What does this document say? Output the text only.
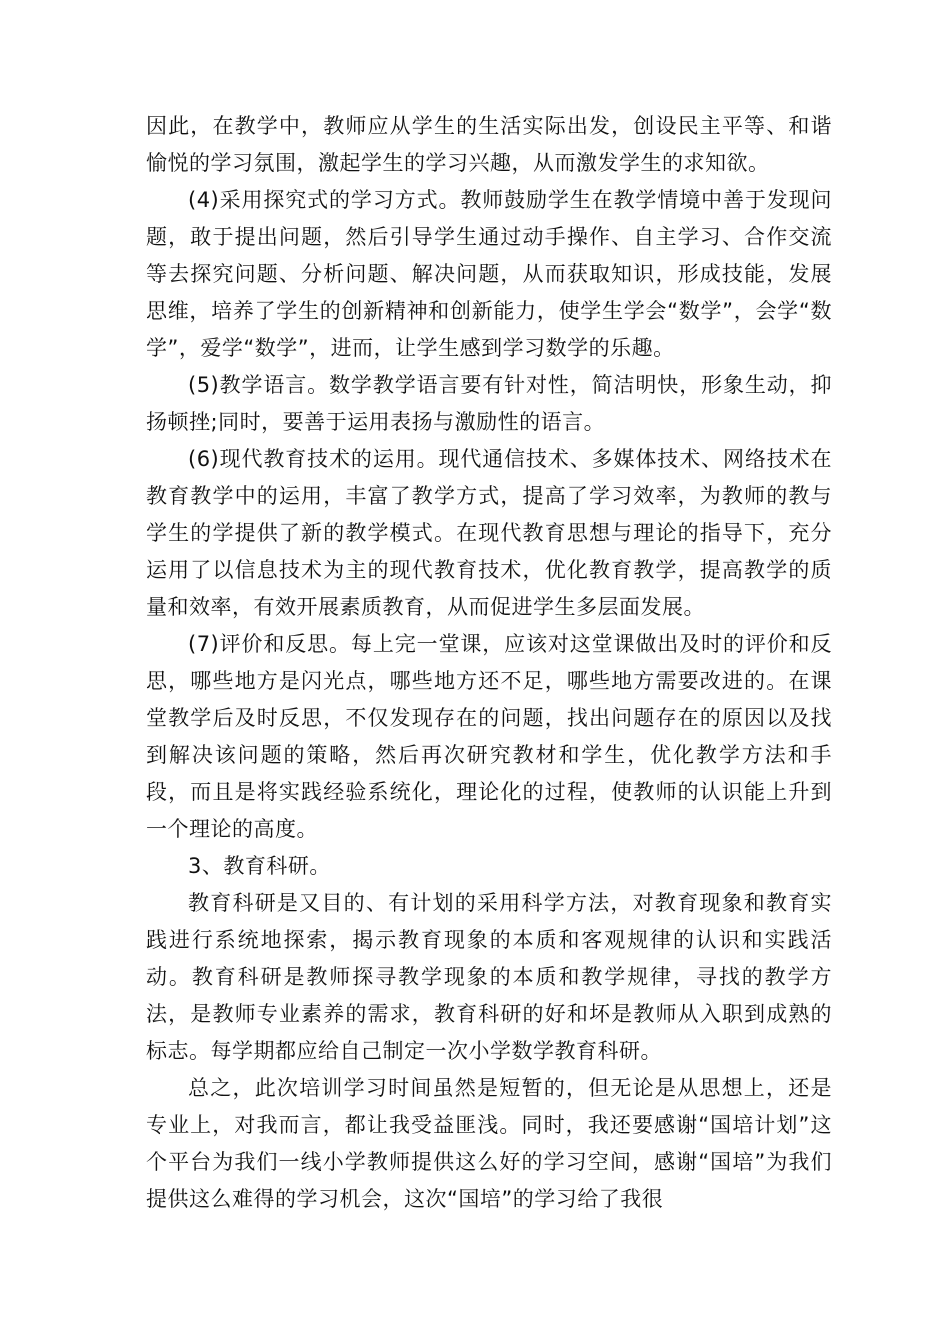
因此，在教学中，教师应从学生的生活实际出发，创设民主平等、和谐愉悦的学习氛围，激起学生的学习兴趣，从而激发学生的求知欲。

(4)采用探究式的学习方式。教师鼓励学生在教学情境中善于发现问题，敢于提出问题，然后引导学生通过动手操作、自主学习、合作交流等去探究问题、分析问题、解决问题，从而获取知识，形成技能，发展思维，培养了学生的创新精神和创新能力，使学生学会“数学”，会学“数学”，爱学“数学”，进而，让学生感到学习数学的乐趣。

(5)教学语言。数学教学语言要有针对性，简洁明快，形象生动，抑扬顿挫;同时，要善于运用表扬与激励性的语言。

(6)现代教育技术的运用。现代通信技术、多媒体技术、网络技术在教育教学中的运用，丰富了教学方式，提高了学习效率，为教师的教与学生的学提供了新的教学模式。在现代教育思想与理论的指导下，充分运用了以信息技术为主的现代教育技术，优化教育教学，提高教学的质量和效率，有效开展素质教育，从而促进学生多层面发展。

(7)评价和反思。每上完一堂课，应该对这堂课做出及时的评价和反思，哪些地方是闪光点，哪些地方还不足，哪些地方需要改进的。在课堂教学后及时反思，不仅发现存在的问题，找出问题存在的原因以及找到解决该问题的策略，然后再次研究教材和学生，优化教学方法和手段，而且是将实践经验系统化，理论化的过程，使教师的认识能上升到一个理论的高度。

3、教育科研。

教育科研是又目的、有计划的采用科学方法，对教育现象和教育实践进行系统地探索，揭示教育现象的本质和客观规律的认识和实践活动。教育科研是教师探寻教学现象的本质和教学规律，寻找的教学方法，是教师专业素养的需求，教育科研的好和坏是教师从入职到成熟的标志。每学期都应给自己制定一次小学数学教育科研。

总之，此次培训学习时间虽然是短暂的，但无论是从思想上，还是专业上，对我而言，都让我受益匪浅。同时，我还要感谢“国培计划”这个平台为我们一线小学教师提供这么好的学习空间，感谢“国培”为我们提供这么难得的学习机会，这次“国培”的学习给了我很
